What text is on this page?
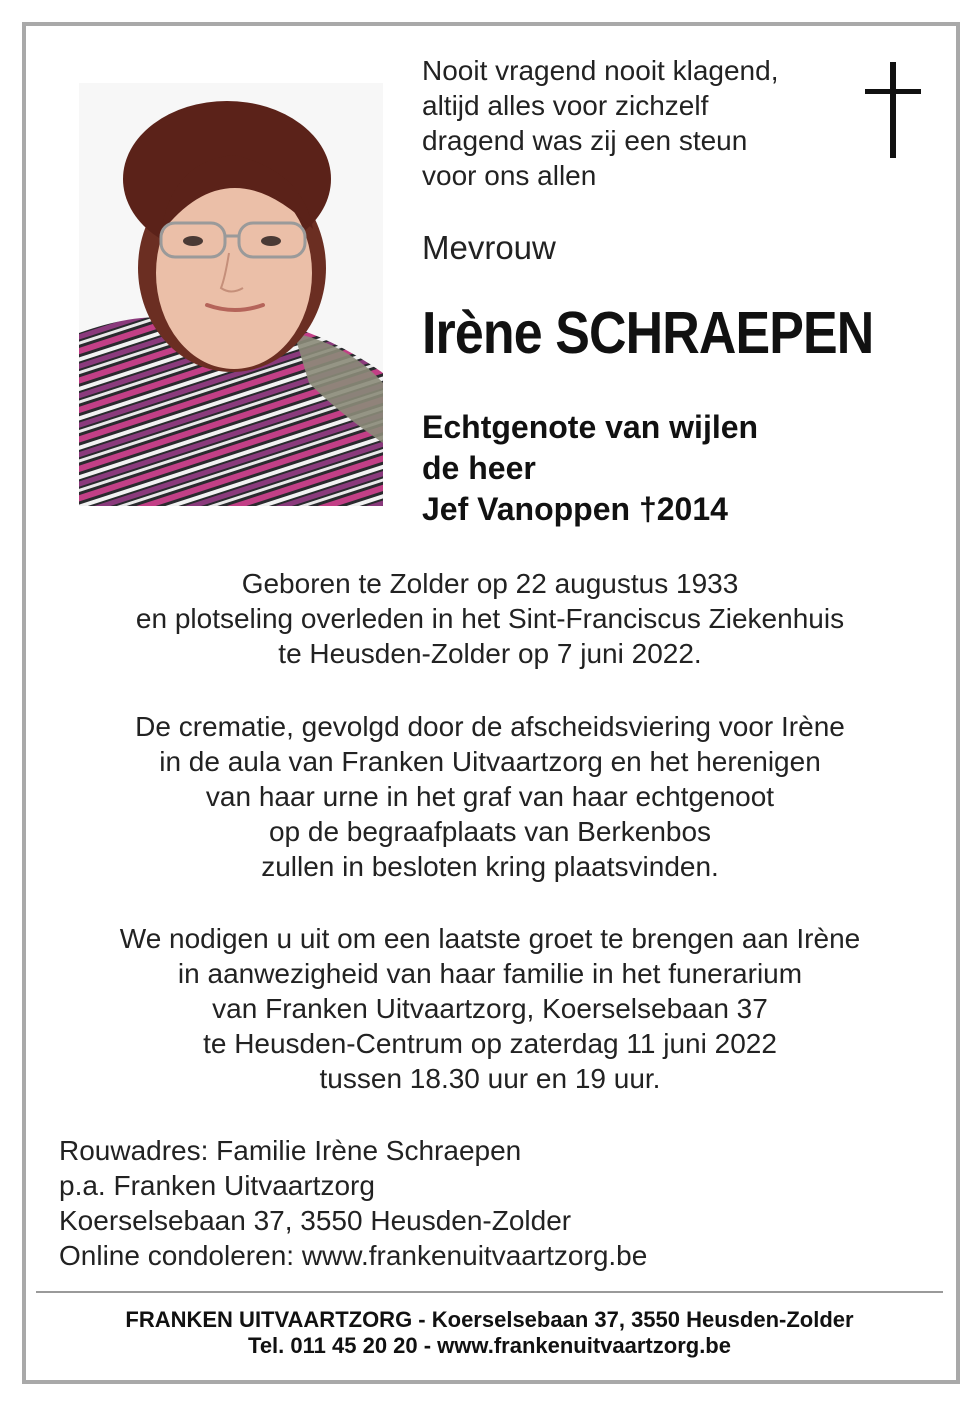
Nooit vragend nooit klagend,
altijd alles voor zichzelf
dragend was zij een steun
voor ons allen
Mevrouw
Irène SCHRAEPEN
Echtgenote van wijlen
de heer
Jef Vanoppen †2014
Geboren te Zolder op 22 augustus 1933
en plotseling overleden in het Sint-Franciscus Ziekenhuis
te Heusden-Zolder op 7 juni 2022.
De crematie, gevolgd door de afscheidsviering voor Irène
in de aula van Franken Uitvaartzorg en het herenigen
van haar urne in het graf van haar echtgenoot
op de begraafplaats van Berkenbos
zullen in besloten kring plaatsvinden.
We nodigen u uit om een laatste groet te brengen aan Irène
in aanwezigheid van haar familie in het funerarium
van Franken Uitvaartzorg, Koerselsebaan 37
te Heusden-Centrum op zaterdag 11 juni 2022
tussen 18.30 uur en 19 uur.
Rouwadres: Familie Irène Schraepen
p.a. Franken Uitvaartzorg
Koerselsebaan 37, 3550 Heusden-Zolder
Online condoleren: www.frankenuitvaartzorg.be
FRANKEN UITVAARTZORG - Koerselsebaan 37, 3550 Heusden-Zolder
Tel. 011 45 20 20 - www.frankenuitvaartzorg.be
